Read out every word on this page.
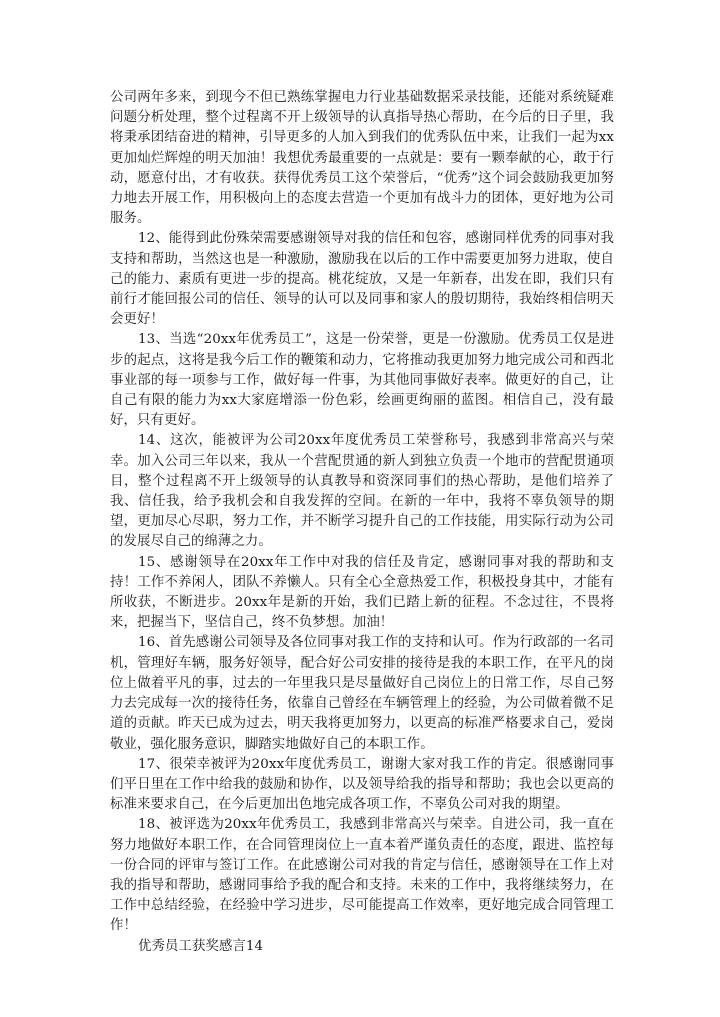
公司两年多来，到现今不但已熟练掌握电力行业基础数据采录技能，还能对系统疑难问题分析处理，整个过程离不开上级领导的认真指导热心帮助，在今后的日子里，我将秉承团结奋进的精神，引导更多的人加入到我们的优秀队伍中来，让我们一起为xx更加灿烂辉煌的明天加油！我想优秀最重要的一点就是：要有一颗奉献的心，敢于行动，愿意付出，才有收获。获得优秀员工这个荣誉后，“优秀”这个词会鼓励我更加努力地去开展工作，用积极向上的态度去营造一个更加有战斗力的团体，更好地为公司服务。

12、能得到此份殊荣需要感谢领导对我的信任和包容，感谢同样优秀的同事对我支持和帮助，当然这也是一种激励，激励我在以后的工作中需要更加努力进取，使自己的能力、素质有更进一步的提高。桃花绽放，又是一年新春，出发在即，我们只有前行才能回报公司的信任、领导的认可以及同事和家人的殷切期待，我始终相信明天会更好！

13、当选“20xx年优秀员工”，这是一份荣誉，更是一份激励。优秀员工仅是进步的起点，这将是我今后工作的鞭策和动力，它将推动我更加努力地完成公司和西北事业部的每一项参与工作，做好每一件事，为其他同事做好表率。做更好的自己，让自己有限的能力为xx大家庭增添一份色彩，绘画更绚丽的蓝图。相信自己，没有最好，只有更好。

14、这次，能被评为公司20xx年度优秀员工荣誉称号，我感到非常高兴与荣幸。加入公司三年以来，我从一个营配贯通的新人到独立负责一个地市的营配贯通项目，整个过程离不开上级领导的认真教导和资深同事们的热心帮助，是他们培养了我、信任我，给予我机会和自我发挥的空间。在新的一年中，我将不辜负领导的期望，更加尽心尽职，努力工作，并不断学习提升自己的工作技能，用实际行动为公司的发展尽自己的绵薄之力。

15、感谢领导在20xx年工作中对我的信任及肯定，感谢同事对我的帮助和支持！工作不养闲人，团队不养懒人。只有全心全意热爱工作，积极投身其中，才能有所收获，不断进步。20xx年是新的开始，我们已踏上新的征程。不念过往，不畏将来，把握当下，坚信自己，终不负梦想。加油！

16、首先感谢公司领导及各位同事对我工作的支持和认可。作为行政部的一名司机，管理好车辆，服务好领导，配合好公司安排的接待是我的本职工作，在平凡的岗位上做着平凡的事，过去的一年里我只是尽量做好自己岗位上的日常工作，尽自己努力去完成每一次的接待任务，依靠自己曾经在车辆管理上的经验，为公司做着微不足道的贡献。昨天已成为过去，明天我将更加努力，以更高的标准严格要求自己，爱岗敬业，强化服务意识，脚踏实地做好自己的本职工作。

17、很荣幸被评为20xx年度优秀员工，谢谢大家对我工作的肯定。很感谢同事们平日里在工作中给我的鼓励和协作，以及领导给我的指导和帮助；我也会以更高的标准来要求自己，在今后更加出色地完成各项工作，不辜负公司对我的期望。

18、被评选为20xx年优秀员工，我感到非常高兴与荣幸。自进公司，我一直在努力地做好本职工作，在合同管理岗位上一直本着严谨负责任的态度，跟进、监控每一份合同的评审与签订工作。在此感谢公司对我的肯定与信任，感谢领导在工作上对我的指导和帮助，感谢同事给予我的配合和支持。未来的工作中，我将继续努力，在工作中总结经验，在经验中学习进步，尽可能提高工作效率，更好地完成合同管理工作！

优秀员工获奖感言14
